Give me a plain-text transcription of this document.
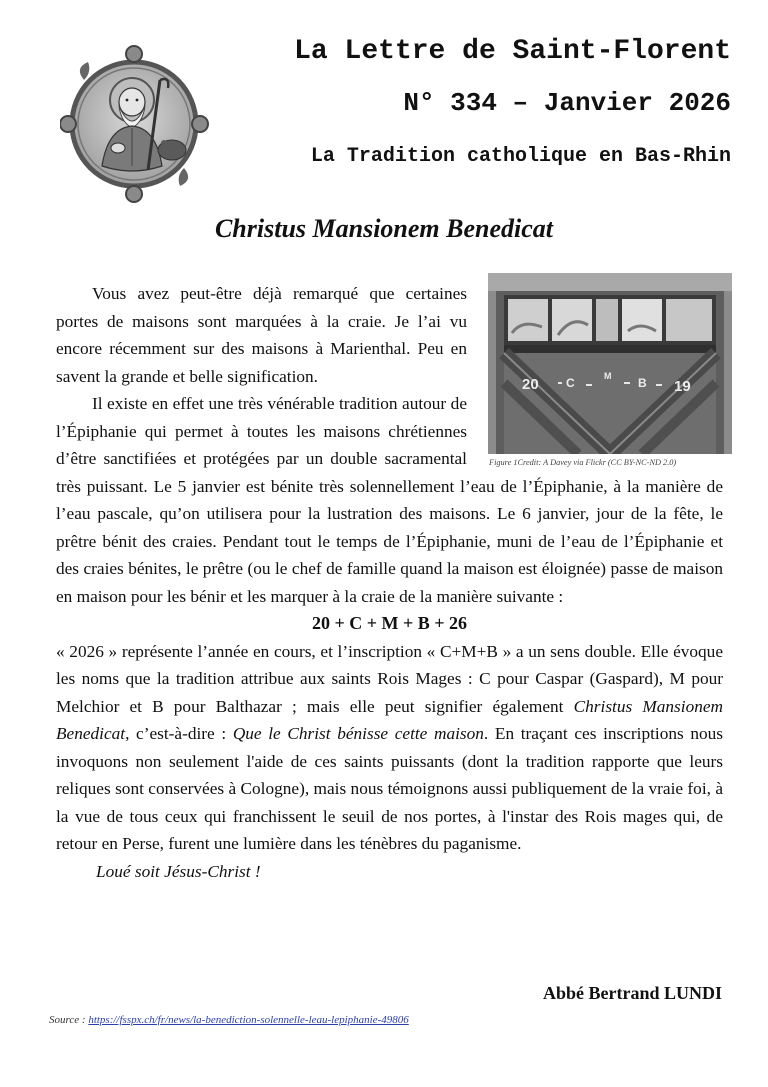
La Lettre de Saint-Florent
N° 334 – Janvier 2026
La Tradition catholique en Bas-Rhin
Christus Mansionem Benedicat
20 C	M B 19
Figure 1Credit: A Davey via Flickr (CC BY-NC-ND 2.0)

Vous avez peut-être déjà remarqué que certaines portes de maisons sont marquées à la craie. Je l’ai vu encore récemment sur des maisons à Marienthal. Peu en savent la grande et belle signification.

Il existe en effet une très vénérable tradition autour de l’Épiphanie qui permet à toutes les maisons chrétiennes d’être sanctifiées et protégées par un double sacramental très puissant. Le 5 janvier est bénite très solennellement l’eau de l’Épiphanie, à la manière de l’eau pascale, qu’on utilisera pour la lustration des maisons. Le 6 janvier, jour de la fête, le prêtre bénit des craies. Pendant tout le temps de l’Épiphanie, muni de l’eau de l’Épiphanie et des craies bénites, le prêtre (ou le chef de famille quand la maison est éloignée) passe de maison en maison pour les bénir et les marquer à la craie de la manière suivante :

20 + C + M + B + 26

« 2026 » représente l’année en cours, et l’inscription « C+M+B » a un sens double. Elle évoque les noms que la tradition attribue aux saints Rois Mages : C pour Caspar (Gaspard), M pour Melchior et B pour Balthazar ; mais elle peut signifier également Christus Mansionem Benedicat, c’est-à-dire : Que le Christ bénisse cette maison. En traçant ces inscriptions nous invoquons non seulement l'aide de ces saints puissants (dont la tradition rapporte que leurs reliques sont conservées à Cologne), mais nous témoignons aussi publiquement de la vraie foi, à la vue de tous ceux qui franchissent le seuil de nos portes, à l'instar des Rois mages qui, de retour en Perse, furent une lumière dans les ténèbres du paganisme.

Loué soit Jésus-Christ !

Abbé Bertrand LUNDI
Source : https://fsspx.ch/fr/news/la-benediction-solennelle-leau-lepiphanie-49806
